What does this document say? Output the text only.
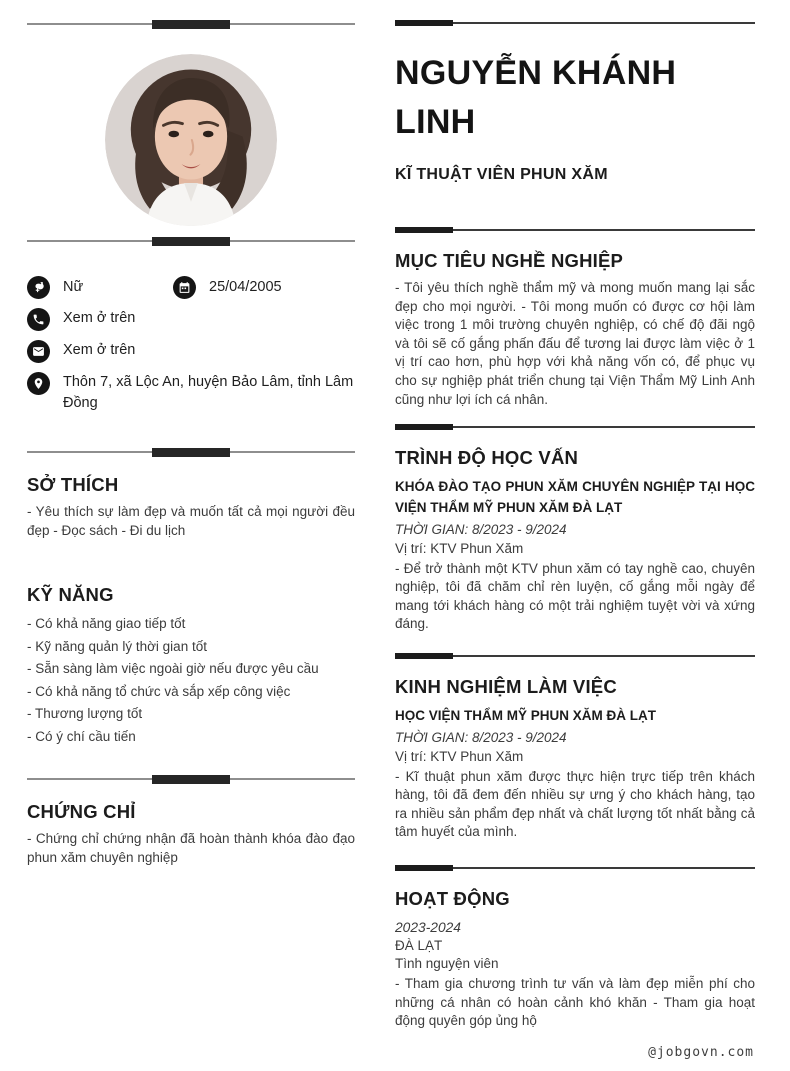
Nữ	25/04/2005
Xem ở trên
Xem ở trên
Thôn 7, xã Lộc An, huyện Bảo Lâm, tỉnh Lâm Đồng
SỞ THÍCH

- Yêu thích sự làm đẹp và muốn tất cả mọi người đều đẹp - Đọc sách - Đi du lịch

KỸ NĂNG
- Có khả năng giao tiếp tốt
- Kỹ năng quản lý thời gian tốt
- Sẵn sàng làm việc ngoài giờ nếu được yêu cầu
- Có khả năng tổ chức và sắp xếp công việc
- Thương lượng tốt
- Có ý chí cầu tiến
CHỨNG CHỈ

- Chứng chỉ chứng nhận đã hoàn thành khóa đào đạo phun xăm chuyên nghiệp

NGUYỄN KHÁNH LINH
KĨ THUẬT VIÊN PHUN XĂM
MỤC TIÊU NGHỀ NGHIỆP

- Tôi yêu thích nghề thẩm mỹ và mong muốn mang lại sắc đẹp cho mọi người. - Tôi mong muốn có được cơ hội làm việc trong 1 môi trường chuyên nghiệp, có chế độ đãi ngộ và tôi sẽ cố gắng phấn đấu để tương lai được làm việc ở 1 vị trí cao hơn, phù hợp với khả năng vốn có, để phục vụ cho sự nghiệp phát triển chung tại Viện Thẩm Mỹ Linh Anh cũng như lợi ích cá nhân.

TRÌNH ĐỘ HỌC VẤN
KHÓA ĐÀO TẠO PHUN XĂM CHUYÊN NGHIỆP TẠI HỌC VIỆN THẨM MỸ PHUN XĂM ĐÀ LẠT
THỜI GIAN: 8/2023 - 9/2024
Vị trí: KTV Phun Xăm

- Để trở thành một KTV phun xăm có tay nghề cao, chuyên nghiệp, tôi đã chăm chỉ rèn luyện, cố gắng mỗi ngày để mang tới khách hàng có một trải nghiệm tuyệt vời và xứng đáng.

KINH NGHIỆM LÀM VIỆC
HỌC VIỆN THẨM MỸ PHUN XĂM ĐÀ LẠT
THỜI GIAN: 8/2023 - 9/2024
Vị trí: KTV Phun Xăm

- Kĩ thuật phun xăm được thực hiện trực tiếp trên khách hàng, tôi đã đem đến nhiều sự ưng ý cho khách hàng, tạo ra nhiều sản phẩm đẹp nhất và chất lượng tốt nhất bằng cả tâm huyết của mình.

HOẠT ĐỘNG
2023-2024
ĐÀ LẠT
Tình nguyện viên

- Tham gia chương trình tư vấn và làm đẹp miễn phí cho những cá nhân có hoàn cảnh khó khăn - Tham gia hoạt động quyên góp ủng hộ

@jobgovn.com
